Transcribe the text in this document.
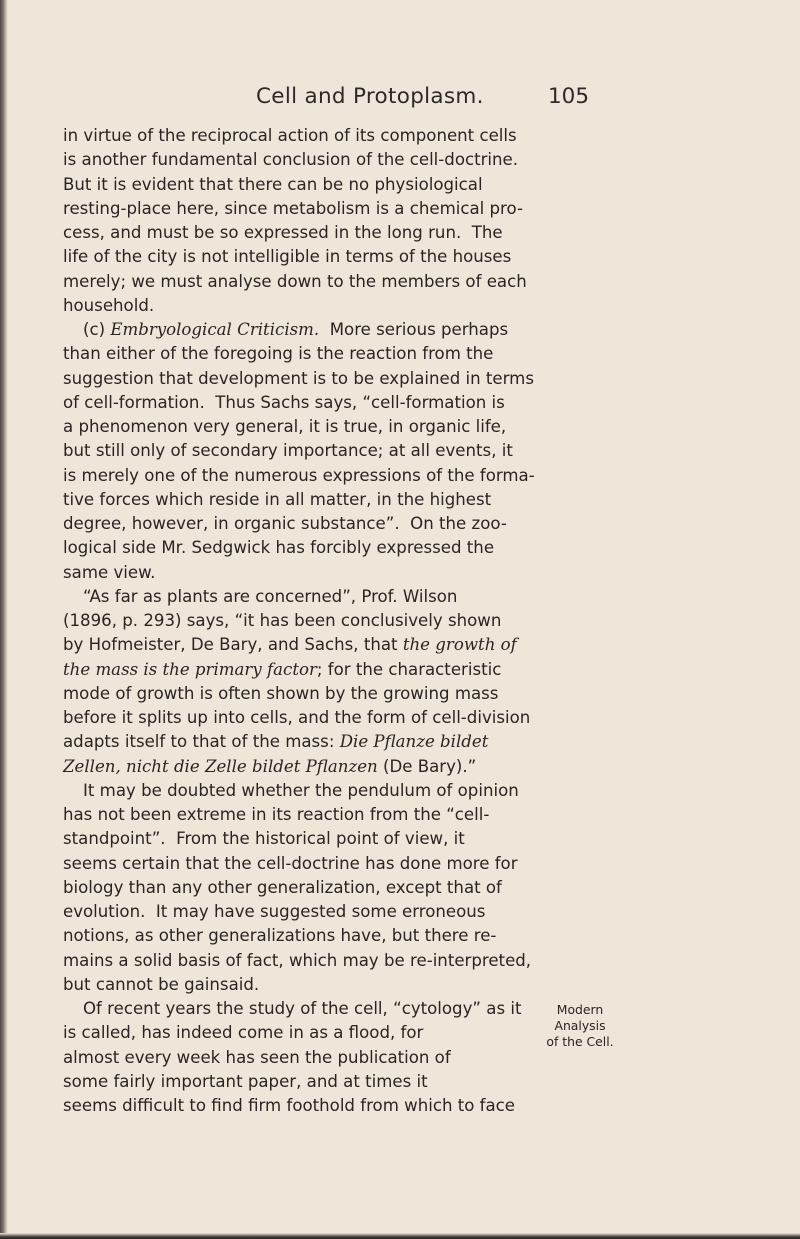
Cell and Protoplasm.	105
in virtue of the reciprocal action of its component cells
is another fundamental conclusion of the cell-doctrine.
But it is evident that there can be no physiological
resting-place here, since metabolism is a chemical pro-
cess, and must be so expressed in the long run.  The
life of the city is not intelligible in terms of the houses
merely; we must analyse down to the members of each
household.
(c) Embryological Criticism.  More serious perhaps
than either of the foregoing is the reaction from the
suggestion that development is to be explained in terms
of cell-formation.  Thus Sachs says, “cell-formation is
a phenomenon very general, it is true, in organic life,
but still only of secondary importance; at all events, it
is merely one of the numerous expressions of the forma-
tive forces which reside in all matter, in the highest
degree, however, in organic substance”.  On the zoo-
logical side Mr. Sedgwick has forcibly expressed the
same view.
“As far as plants are concerned”, Prof. Wilson
(1896, p. 293) says, “it has been conclusively shown
by Hofmeister, De Bary, and Sachs, that the growth of
the mass is the primary factor; for the characteristic
mode of growth is often shown by the growing mass
before it splits up into cells, and the form of cell-division
adapts itself to that of the mass: Die Pflanze bildet
Zellen, nicht die Zelle bildet Pflanzen (De Bary).”
It may be doubted whether the pendulum of opinion
has not been extreme in its reaction from the “cell-
standpoint”.  From the historical point of view, it
seems certain that the cell-doctrine has done more for
biology than any other generalization, except that of
evolution.  It may have suggested some erroneous
notions, as other generalizations have, but there re-
mains a solid basis of fact, which may be re-interpreted,
but cannot be gainsaid.
Of recent years the study of the cell, “cytology” as it
is called, has indeed come in as a flood, for
almost every week has seen the publication of
some fairly important paper, and at times it
seems difficult to find firm foothold from which to face
Modern
Analysis
of the Cell.
